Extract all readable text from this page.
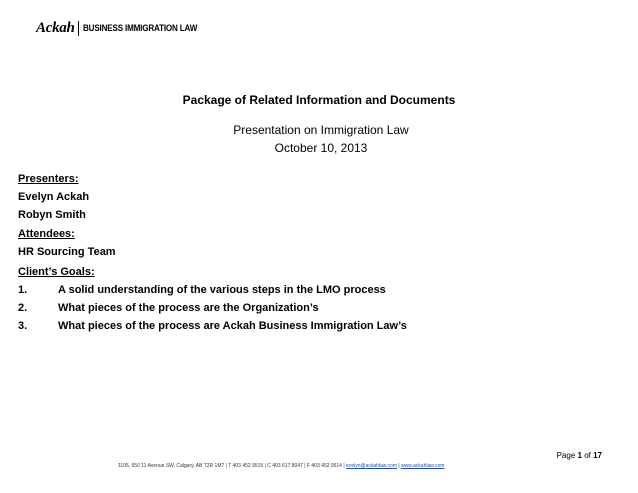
Ackah BUSINESS IMMIGRATION LAW
Package of Related Information and Documents
Presentation on Immigration Law
October 10, 2013
Presenters:
Evelyn Ackah
Robyn Smith
Attendees:
HR Sourcing Team
Client’s Goals:
1.	A solid understanding of the various steps in the LMO process
2.	What pieces of the process are the Organization’s
3.	What pieces of the process are Ackah Business Immigration Law’s
Page 1 of 17
1105, 550 11 Avenue SW, Calgary, AB T2R 1M7 | T 403 452 9515 | C 403 617 8047 | F 403 452 9514 | evelyn@ackahlaw.com | www.ackahlaw.com
